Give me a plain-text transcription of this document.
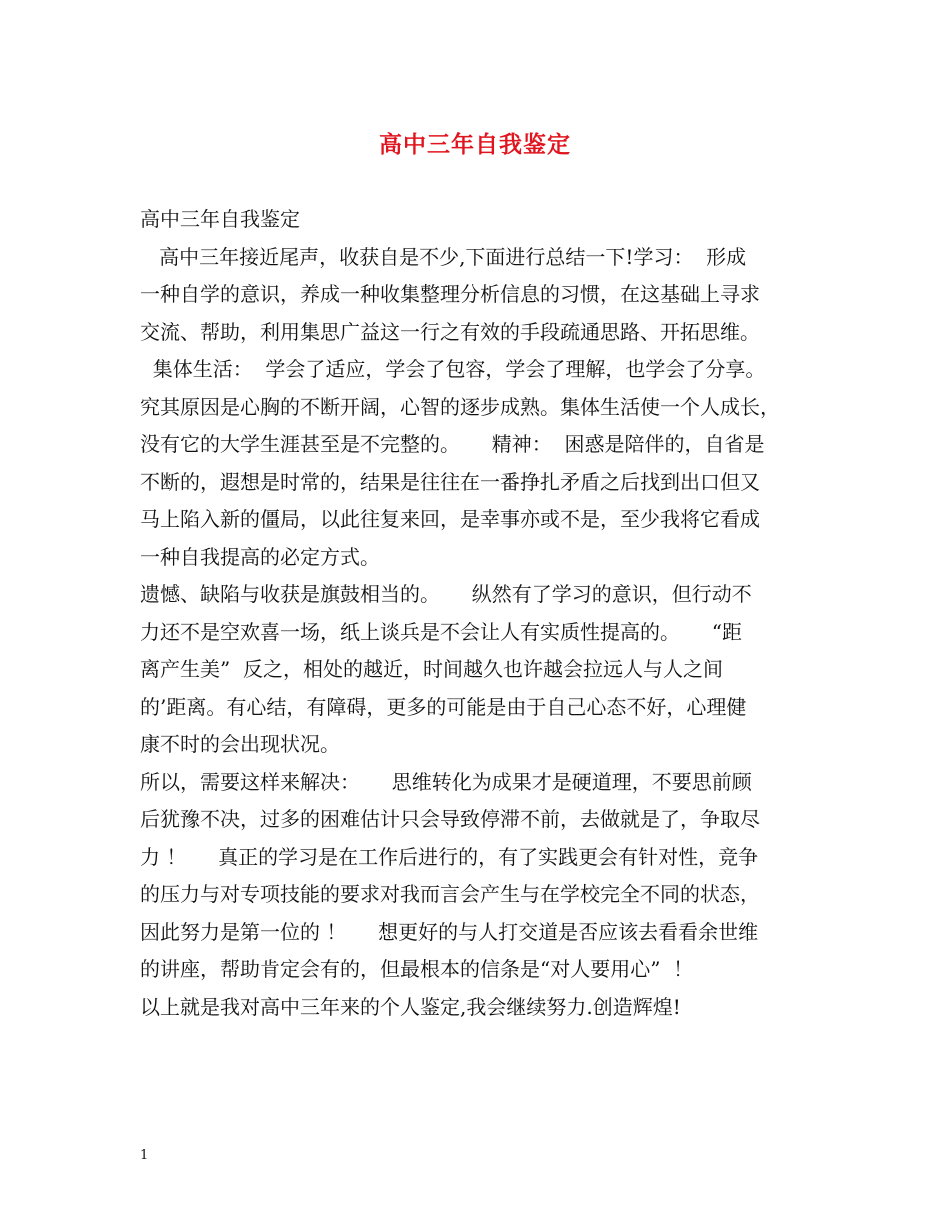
高中三年自我鉴定
高中三年自我鉴定
高中三年接近尾声，收获自是不少,下面进行总结一下!学习：  形成
一种自学的意识，养成一种收集整理分析信息的习惯，在这基础上寻求
交流、帮助，利用集思广益这一行之有效的手段疏通思路、开拓思维。
集体生活：  学会了适应，学会了包容，学会了理解，也学会了分享。
究其原因是心胸的不断开阔，心智的逐步成熟。集体生活使一个人成长，
没有它的大学生涯甚至是不完整的。     精神：  困惑是陪伴的，自省是
不断的，遐想是时常的，结果是往往在一番挣扎矛盾之后找到出口但又
马上陷入新的僵局，以此往复来回，是幸事亦或不是，至少我将它看成
一种自我提高的必定方式。
遗憾、缺陷与收获是旗鼓相当的。     纵然有了学习的意识，但行动不
力还不是空欢喜一场，纸上谈兵是不会让人有实质性提高的。     “距
离产生美”  反之，相处的越近，时间越久也许越会拉远人与人之间
的’距离。有心结，有障碍，更多的可能是由于自己心态不好，心理健
康不时的会出现状况。
所以，需要这样来解决：     思维转化为成果才是硬道理，不要思前顾
后犹豫不决，过多的困难估计只会导致停滞不前，去做就是了，争取尽
力 ！     真正的学习是在工作后进行的，有了实践更会有针对性，竞争
的压力与对专项技能的要求对我而言会产生与在学校完全不同的状态，
因此努力是第一位的 ！     想更好的与人打交道是否应该去看看余世维
的讲座，帮助肯定会有的，但最根本的信条是“对人要用心”  ！
以上就是我对高中三年来的个人鉴定,我会继续努力.创造辉煌!
1
